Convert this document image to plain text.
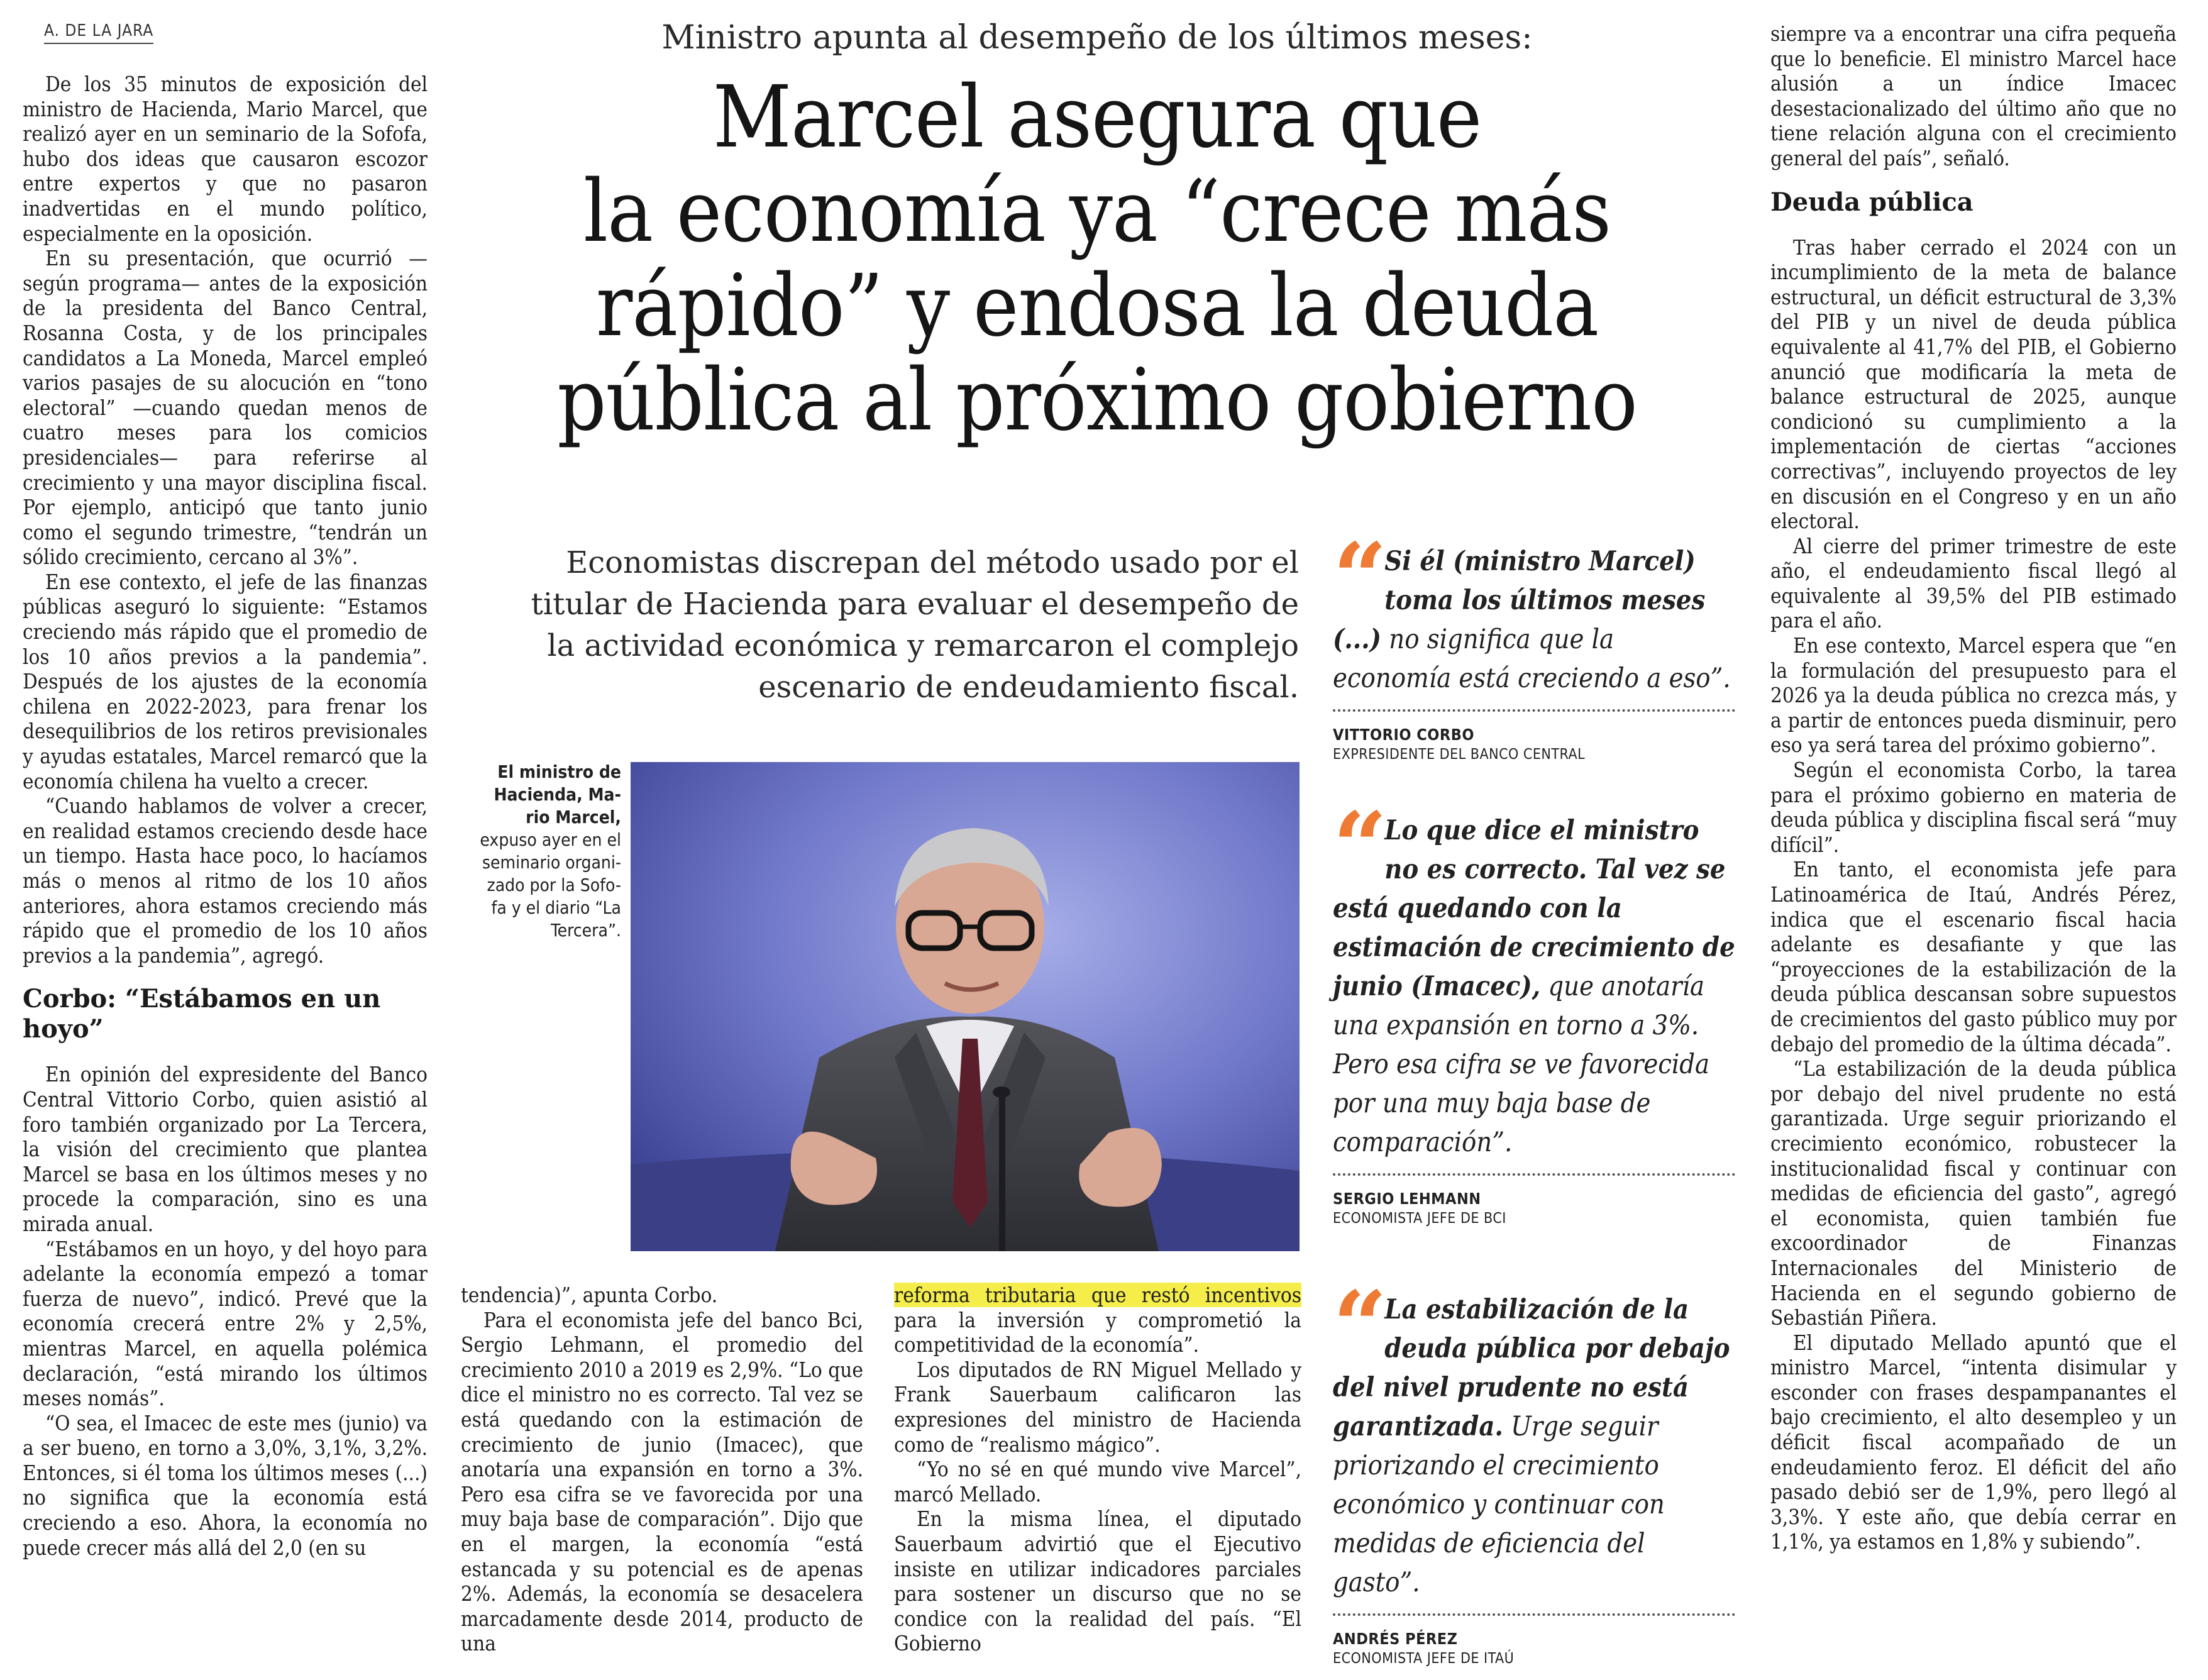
A. DE LA JARA

De los 35 minutos de exposición del ministro de Hacienda, Mario Marcel, que realizó ayer en un seminario de la Sofofa, hubo dos ideas que causaron escozor entre expertos y que no pasaron inadvertidas en el mundo político, especialmente en la oposición.

En su presentación, que ocurrió —según programa— antes de la exposición de la presidenta del Banco Central, Rosanna Costa, y de los principales candidatos a La Moneda, Marcel empleó varios pasajes de su alocución en “tono electoral” —cuando quedan menos de cuatro meses para los comicios presidenciales— para referirse al crecimiento y una mayor disciplina fiscal. Por ejemplo, anticipó que tanto junio como el segundo trimestre, “tendrán un sólido crecimiento, cercano al 3%”.

En ese contexto, el jefe de las finanzas públicas aseguró lo siguiente: “Estamos creciendo más rápido que el promedio de los 10 años previos a la pandemia”. Después de los ajustes de la economía chilena en 2022-2023, para frenar los desequilibrios de los retiros previsionales y ayudas estatales, Marcel remarcó que la economía chilena ha vuelto a crecer.

“Cuando hablamos de volver a crecer, en realidad estamos creciendo desde hace un tiempo. Hasta hace poco, lo hacíamos más o menos al ritmo de los 10 años anteriores, ahora estamos creciendo más rápido que el promedio de los 10 años previos a la pandemia”, agregó.

Corbo: “Estábamos en un hoyo”

En opinión del expresidente del Banco Central Vittorio Corbo, quien asistió al foro también organizado por La Tercera, la visión del crecimiento que plantea Marcel se basa en los últimos meses y no procede la comparación, sino es una mirada anual.

“Estábamos en un hoyo, y del hoyo para adelante la economía empezó a tomar fuerza de nuevo”, indicó. Prevé que la economía crecerá entre 2% y 2,5%, mientras Marcel, en aquella polémica declaración, “está mirando los últimos meses nomás”.

“O sea, el Imacec de este mes (junio) va a ser bueno, en torno a 3,0%, 3,1%, 3,2%. Entonces, si él toma los últimos meses (...) no significa que la economía está creciendo a eso. Ahora, la economía no puede crecer más allá del 2,0 (en su

Ministro apunta al desempeño de los últimos meses:
Marcel asegura que
la economía ya “crece más
rápido” y endosa la deuda
pública al próximo gobierno
Economistas discrepan del método usado por el
titular de Hacienda para evaluar el desempeño de
la actividad económica y remarcaron el complejo
escenario de endeudamiento fiscal.
El ministro de
Hacienda, Ma-
rio Marcel,
expuso ayer en el
seminario organi-
zado por la Sofo-
fa y el diario “La
Tercera”.
“ Si él (ministro Marcel) toma los últimos meses (...) no significa que la economía está creciendo a eso”.
VITTORIO CORBO
EXPRESIDENTE DEL BANCO CENTRAL
“ Lo que dice el ministro no es correcto. Tal vez se está quedando con la estimación de crecimiento de junio (Imacec), que anotaría una expansión en torno a 3%. Pero esa cifra se ve favorecida por una muy baja base de comparación”.
SERGIO LEHMANN
ECONOMISTA JEFE DE BCI
“ La estabilización de la deuda pública por debajo del nivel prudente no está garantizada. Urge seguir priorizando el crecimiento económico y continuar con medidas de eficiencia del gasto”.
ANDRÉS PÉREZ
ECONOMISTA JEFE DE ITAÚ

tendencia)”, apunta Corbo.

Para el economista jefe del banco Bci, Sergio Lehmann, el promedio del crecimiento 2010 a 2019 es 2,9%. “Lo que dice el ministro no es correcto. Tal vez se está quedando con la estimación de crecimiento de junio (Imacec), que anotaría una expansión en torno a 3%. Pero esa cifra se ve favorecida por una muy baja base de comparación”. Dijo que en el margen, la economía “está estancada y su potencial es de apenas 2%. Además, la economía se desacelera marcadamente desde 2014, producto de una

reforma tributaria que restó incentivos para la inversión y comprometió la competitividad de la economía”.

Los diputados de RN Miguel Mellado y Frank Sauerbaum calificaron las expresiones del ministro de Hacienda como de “realismo mágico”.

“Yo no sé en qué mundo vive Marcel”, marcó Mellado.

En la misma línea, el diputado Sauerbaum advirtió que el Ejecutivo insiste en utilizar indicadores parciales para sostener un discurso que no se condice con la realidad del país. “El Gobierno

siempre va a encontrar una cifra pequeña que lo beneficie. El ministro Marcel hace alusión a un índice Imacec desestacionalizado del último año que no tiene relación alguna con el crecimiento general del país”, señaló.

Deuda pública

Tras haber cerrado el 2024 con un incumplimiento de la meta de balance estructural, un déficit estructural de 3,3% del PIB y un nivel de deuda pública equivalente al 41,7% del PIB, el Gobierno anunció que modificaría la meta de balance estructural de 2025, aunque condicionó su cumplimiento a la implementación de ciertas “acciones correctivas”, incluyendo proyectos de ley en discusión en el Congreso y en un año electoral.

Al cierre del primer trimestre de este año, el endeudamiento fiscal llegó al equivalente al 39,5% del PIB estimado para el año.

En ese contexto, Marcel espera que “en la formulación del presupuesto para el 2026 ya la deuda pública no crezca más, y a partir de entonces pueda disminuir, pero eso ya será tarea del próximo gobierno”.

Según el economista Corbo, la tarea para el próximo gobierno en materia de deuda pública y disciplina fiscal será “muy difícil”.

En tanto, el economista jefe para Latinoamérica de Itaú, Andrés Pérez, indica que el escenario fiscal hacia adelante es desafiante y que las “proyecciones de la estabilización de la deuda pública descansan sobre supuestos de crecimientos del gasto público muy por debajo del promedio de la última década”.

“La estabilización de la deuda pública por debajo del nivel prudente no está garantizada. Urge seguir priorizando el crecimiento económico, robustecer la institucionalidad fiscal y continuar con medidas de eficiencia del gasto”, agregó el economista, quien también fue excoordinador de Finanzas Internacionales del Ministerio de Hacienda en el segundo gobierno de Sebastián Piñera.

El diputado Mellado apuntó que el ministro Marcel, “intenta disimular y esconder con frases despampanantes el bajo crecimiento, el alto desempleo y un déficit fiscal acompañado de un endeudamiento feroz. El déficit del año pasado debió ser de 1,9%, pero llegó al 3,3%. Y este año, que debía cerrar en 1,1%, ya estamos en 1,8% y subiendo”.
